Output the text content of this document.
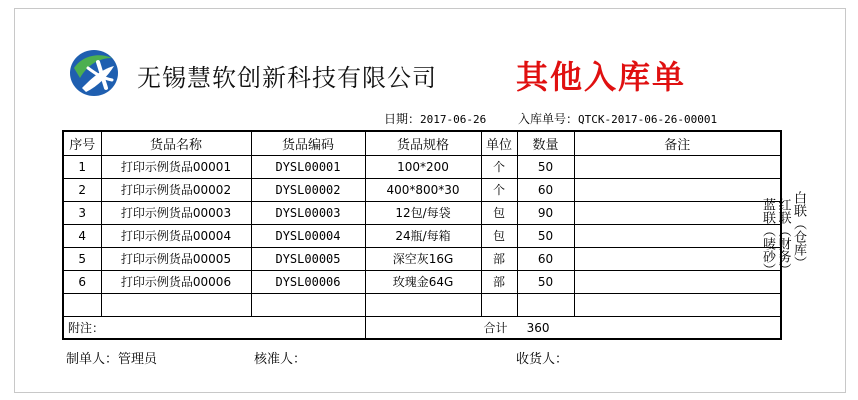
无锡慧软创新科技有限公司 其他入库单
日期：2017-06-26	入库单号：QTCK-2017-06-26-00001
序号	货品名称	货品编码	货品规格	单位	数量	备注
1	打印示例货品00001	DYSL00001	100*200	个	50	
2	打印示例货品00002	DYSL00002	400*800*30	个	60	
3	打印示例货品00003	DYSL00003	12包/每袋	包	90	
4	打印示例货品00004	DYSL00004	24瓶/每箱	包	50	
5	打印示例货品00005	DYSL00005	深空灰16G	部	60	
6	打印示例货品00006	DYSL00006	玫瑰金64G	部	50	

附注：			合计 360			
制单人：管理员	核准人：	收货人：
白联（仓库）
红联（财务）
蓝联（唛砂）
